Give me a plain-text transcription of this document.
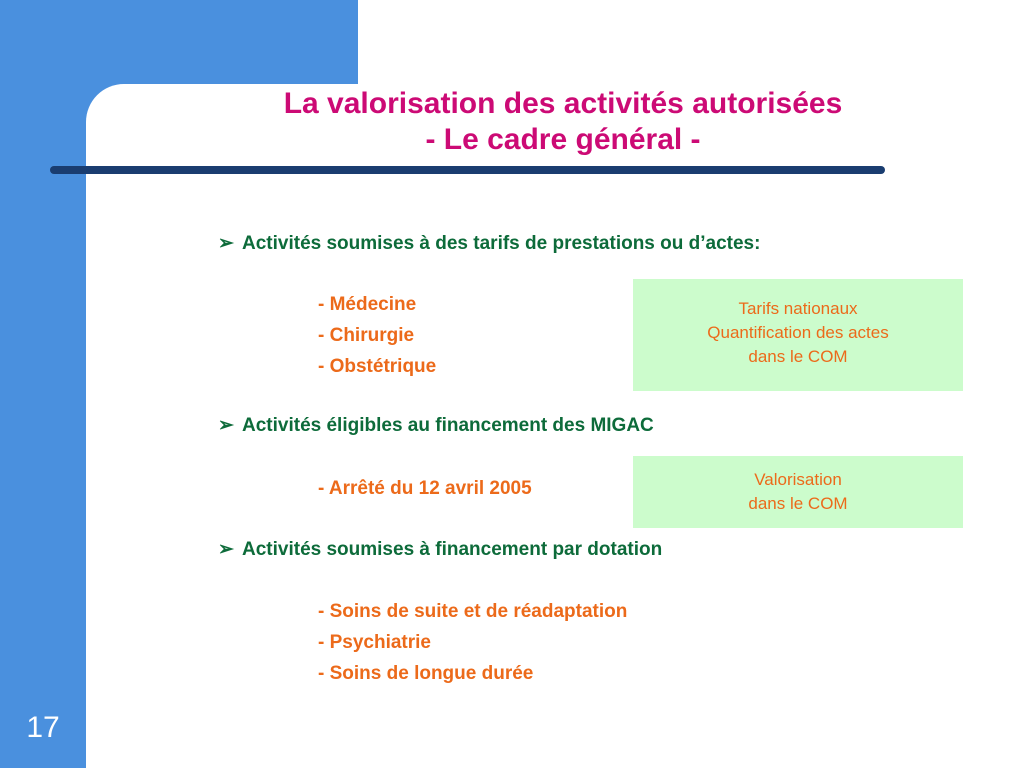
La valorisation des activités autorisées
- Le cadre général -
➢ Activités soumises à des tarifs de prestations ou d’actes:
- Médecine
- Chirurgie
- Obstétrique
➢ Activités éligibles au financement des MIGAC
- Arrêté du 12 avril 2005
➢ Activités soumises à financement par dotation
- Soins de suite et de réadaptation
- Psychiatrie
- Soins de longue durée
Tarifs nationaux
Quantification des actes
dans le COM
Valorisation
dans le COM
17
